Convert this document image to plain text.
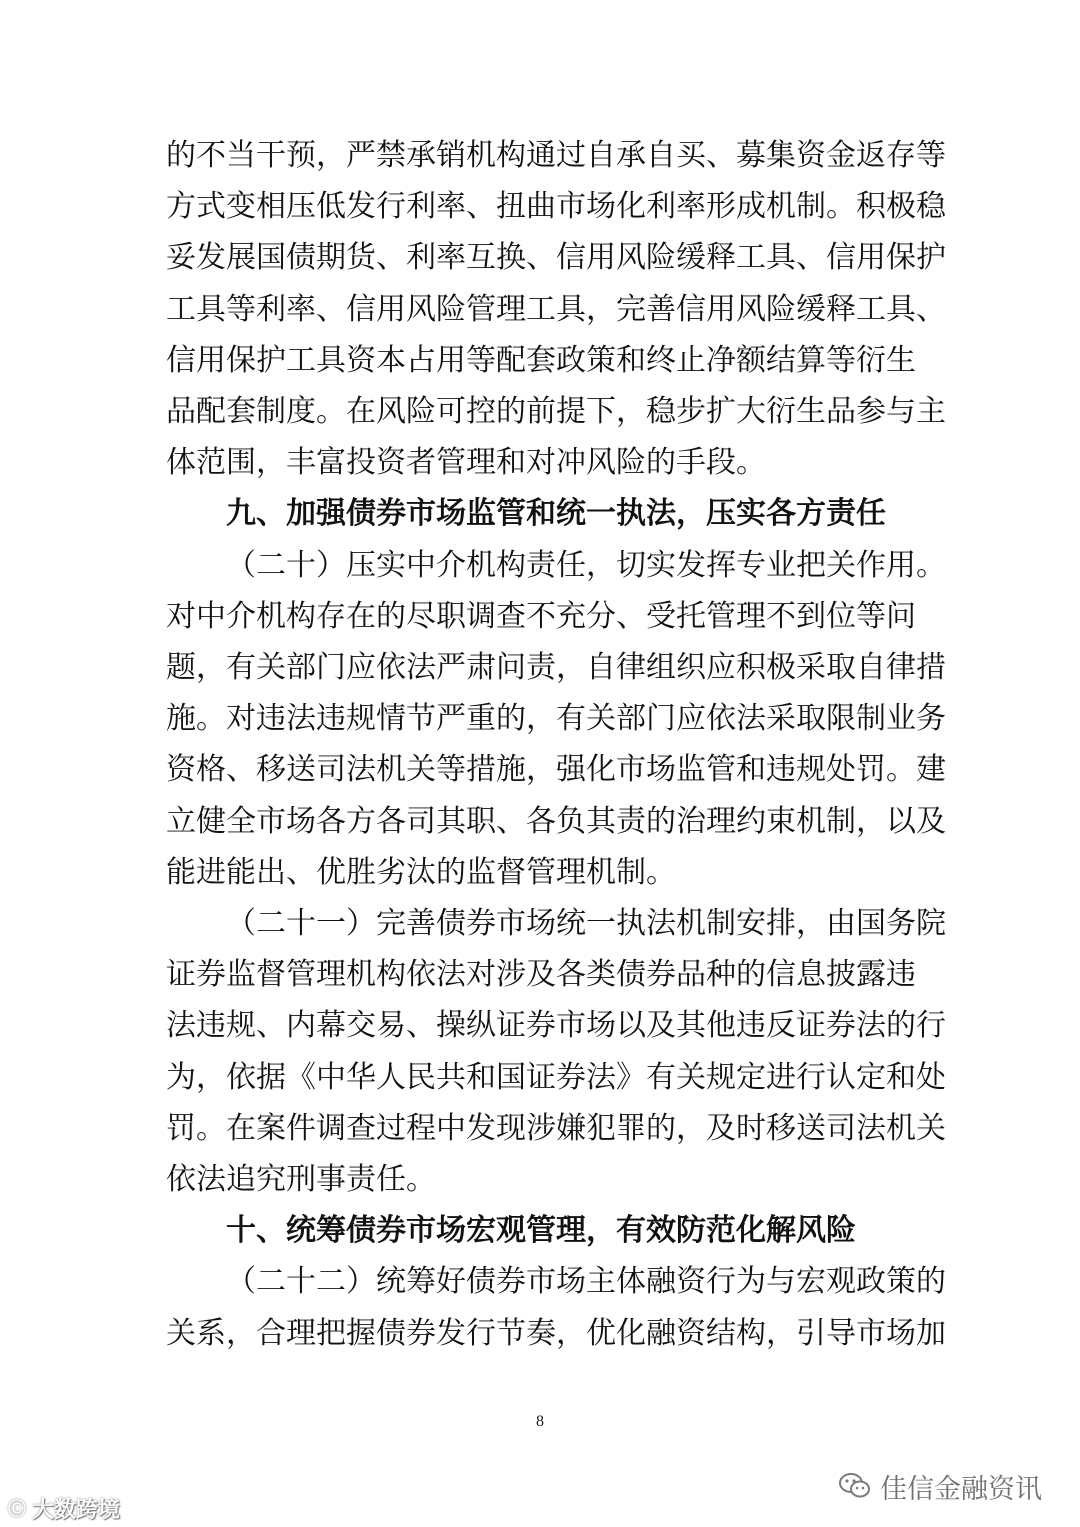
的不当干预，严禁承销机构通过自承自买、募集资金返存等
方式变相压低发行利率、扭曲市场化利率形成机制。积极稳
妥发展国债期货、利率互换、信用风险缓释工具、信用保护
工具等利率、信用风险管理工具，完善信用风险缓释工具、
信用保护工具资本占用等配套政策和终止净额结算等衍生
品配套制度。在风险可控的前提下，稳步扩大衍生品参与主
体范围，丰富投资者管理和对冲风险的手段。
九、加强债券市场监管和统一执法，压实各方责任
（二十）压实中介机构责任，切实发挥专业把关作用。
对中介机构存在的尽职调查不充分、受托管理不到位等问
题，有关部门应依法严肃问责，自律组织应积极采取自律措
施。对违法违规情节严重的，有关部门应依法采取限制业务
资格、移送司法机关等措施，强化市场监管和违规处罚。建
立健全市场各方各司其职、各负其责的治理约束机制，以及
能进能出、优胜劣汰的监督管理机制。
（二十一）完善债券市场统一执法机制安排，由国务院
证券监督管理机构依法对涉及各类债券品种的信息披露违
法违规、内幕交易、操纵证券市场以及其他违反证券法的行
为，依据《中华人民共和国证券法》有关规定进行认定和处
罚。在案件调查过程中发现涉嫌犯罪的，及时移送司法机关
依法追究刑事责任。
十、统筹债券市场宏观管理，有效防范化解风险
（二十二）统筹好债券市场主体融资行为与宏观政策的
关系，合理把握债券发行节奏，优化融资结构，引导市场加
8
佳信金融资讯
Ⓒ 大数跨境
